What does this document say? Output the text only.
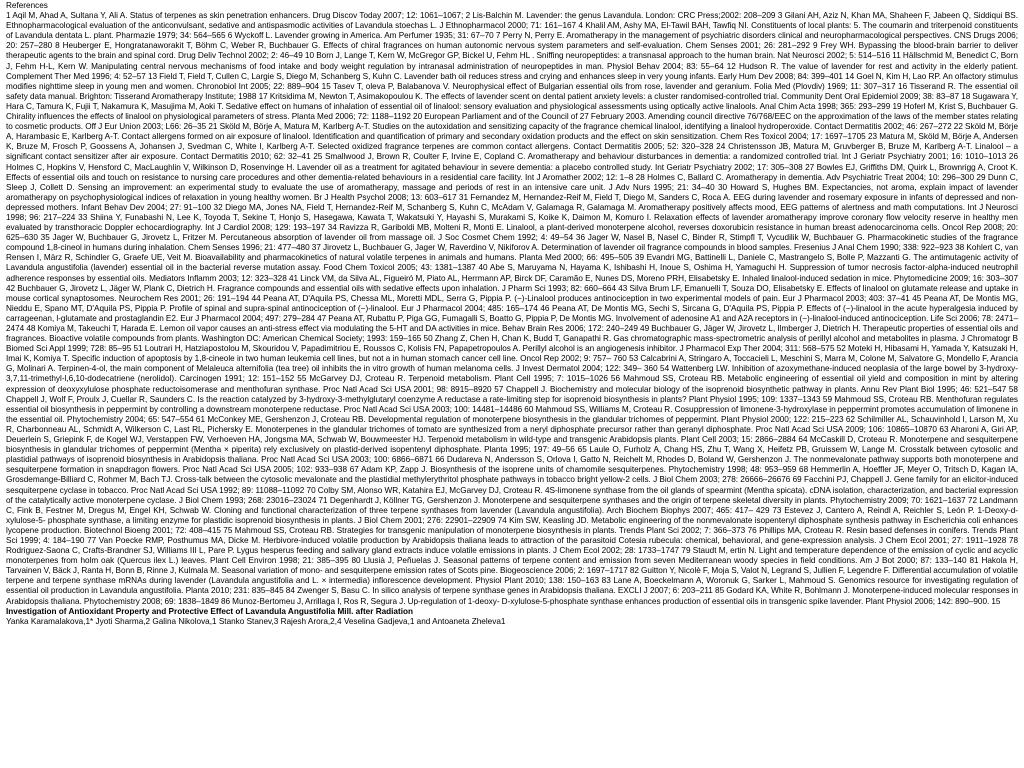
References

1 Aqil M, Ahad A, Sultana Y, Ali A. Status of terpenes as skin penetration enhancers. Drug Discov Today 2007; 12: 1061–1067; 2 Lis-Balchin M. Lavender: the genus Lavandula. London: CRC Press;2002: 208–209 3 Gilani AH, Aziz N, Khan MA, Shaheen F, Jabeen Q, Siddiqui BS. Ethnopharmacological evaluation of the anticonvulsant, sedative and antispasmodic activities of Lavandula stoechas L. J Ethnopharmacol 2000; 71: 161–167 4 Khalil AM, Ashy MA, El-Tawil BAH, Tawfiq NI. Constituents of local plants: 5. The coumarin and triterpenoid constituents of Lavandula dentata L. plant. Pharmazie 1979; 34: 564–565 6 Wyckoff L. Lavender growing in America. Am Perfumer 1935; 31: 67–70 7 Perry N, Perry E. Aromatherapy in the management of psychiatric disorders clinical and neuropharmacological perspectives. CNS Drugs 2006; 20: 257–280 8 Heuberger E, Hongratanaworakit T, Böhm C, Weber R, Buchbauer G. Effects of chiral fragrances on human autonomic nervous system parameters and self-evaluation. Chem Senses 2001; 26: 281–292 9 Frey WH. Bypassing the blood-brain barrier to deliver therapeutic agents to the brain and spinal cord. Drug Deliv Technol 2002; 2: 46–49 10 Born J, Lange T, Kern W, McGregor GP, Bickel U, Fehm HL . Sniffing neuropeptides: a transnasal approach to the human brain. Nat Neurosci 2002; 5: 514–516 11 Hällschmid M, Benedict C, Born J, Fehm H-L, Kern W. Manipulating central nervous mechanisms of food intake and body weight regulation by intranasal administration of neuropeptides in man. Physiol Behav 2004; 83: 55–64 12 Hudson R. The value of lavender for rest and activity in the elderly patient. Complement Ther Med 1996; 4: 52–57 13 Field T, Field T, Cullen C, Largie S, Diego M, Schanberg S, Kuhn C. Lavender bath oil reduces stress and crying and enhances sleep in very young infants. Early Hum Dev 2008; 84: 399–401 14 Goel N, Kim H, Lao RP. An olfactory stimulus modifies nighttime sleep in young men and women. Chronobiol Int 2005; 22: 889–904 15 Tasev T, oleva P, Balabanova V. Neurophysical effect of Bulgarian essential oils from rose, lavender and geranium. Folia Med (Plovdiv) 1969; 11: 307–317 16 Tisserand R. The essential oil safety data manual. Brighton: Tisserand Aromatherapy Institute; 1988 17 Kritsidima M, Newton T, Asimakopoulou K. The effects of lavender scent on dental patient anxiety levels: a cluster randomised-controlled trial. Community Dent Oral Epidemiol 2009; 38: 83–87 18 Sugawara Y, Hara C, Tamura K, Fujii T, Nakamura K, Masujima M, Aoki T. Sedative effect on humans of inhalation of essential oil of linalool: sensory evaluation and physiological assessments using optically active linalools. Anal Chim Acta 1998; 365: 293–299 19 Hoferl M, Krist S, Buchbauer G. Chirality influences the effects of linalool on physiological parameters of stress. Planta Med 2006; 72: 1188–1192 20 European Parliament and of the Council of 27 February 2003. Amending council directive 76/768/EEC on the approximation of the laws of the member states relating to cosmetic products. Off J Eur Union 2003; L66: 26–35 21 Sköld M, Börje A, Matura M, Karlberg A-T. Studies on the autoxidation and sensitizing capacity of the fragrance chemical linalool, identifying a linalool hydroperoxide. Contact Dermatitis 2002; 46: 267–272 22 Sköld M, Börje A, Harambasic E, Karlberg A-T. Contact allergens formed on air exposure of linalool. Identification and quantification of primary and secondary oxidation products and the effect on skin sensitization. Chem Res Toxicol 2004; 17: 1697–1705 23 Matura M, Sköld M, Börje A, Andersen K, Bruze M, Frosch P, Goossens A, Johansen J, Svedman C, White I, Karlberg A-T. Selected oxidized fragrance terpenes are common contact allergens. Contact Dermatitis 2005; 52: 320–328 24 Christensson JB, Matura M, Gruvberger B, Bruze M, Karlberg A-T. Linalool – a significant contact sensitizer after air exposure. Contact Dermatitis 2010; 62: 32–41 25 Smallwood J, Brown R, Coulter F, Irvine E, Copland C. Aromatherapy and behaviour disturbances in dementia: a randomized controlled trial. Int J Geriatr Psychiatry 2001; 16: 1010–1013 26 Holmes C, Hopkins V, Hensford C, MacLaughlin V, Wilkinson D, Rosenvinge H. Lavender oil as a treatment for agitated behaviour in severe dementia: a placebo controlled study. Int Geriatr Psychiatry 2002; 17: 305–308 27 Bowles EJ, Griffiths DM, Quirk L, Brownrigg A, Croot K. Effects of essential oils and touch on resistance to nursing care procedures and other dementia-related behaviours in a residential care facility. Int J Aromather 2002; 12: 1–8 28 Holmes C, Ballard C. Aromatherapy in dementia. Adv Psychiatric Treat 2004; 10: 296–300 29 Dunn C, Sleep J, Collett D. Sensing an improvement: an experimental study to evaluate the use of aromatherapy, massage and periods of rest in an intensive care unit. J Adv Nurs 1995; 21: 34–40 30 Howard S, Hughes BM. Expectancies, not aroma, explain impact of lavender aromatherapy on psychophysiological indices of relaxation in young healthy women. Br J Health Psychol 2008; 13: 603–617 31 Fernandez M, Hernandez-Reif M, Field T, Diego M, Sanders C, Roca A. EEG during lavender and rosemary exposure in infants of depressed and non-depressed mothers. Infant Behav Dev 2004; 27: 91–100 32 Diego MA, Jones NA, Field T, Hernandez-Reif M, Schanberg S, Kuhn C, McAdam V, Galamaga R, Galamaga M. Aromatherapy positively affects mood, EEG patterns of alertness and math computations. Int J Neurosci 1998; 96: 217–224 33 Shiina Y, Funabashi N, Lee K, Toyoda T, Sekine T, Honjo S, Hasegawa, Kawata T, Wakatsuki Y, Hayashi S, Murakami S, Koike K, Daimon M, Komuro I. Relaxation effects of lavender aromatherapy improve coronary flow velocity reserve in healthy men evaluated by transthoracic Doppler echocardiography. Int J Cardiol 2008; 129: 193–197 34 Ravizza R, Gariboldi MB, Molteni R, Monti E. Linalool, a plant-derived monoterpene alcohol, reverses doxorubicin resistance in human breast adenocarcinoma cells. Oncol Rep 2008; 20: 625–630 35 Jager W, Buchbauer G, Jirovetz L, Fritzer M. Percutaneous absorption of lavender oil from massage oil. J Soc Cosmet Chem 1992; 4: 49–54 36 Jager W, Nasel B, Nasel C, Binder R, Stimpfl T, Vycudilik W, Buchbauer G. Pharmacokinetic studies of the fragrance compound 1,8-cineol in humans during inhalation. Chem Senses 1996; 21: 477–480 37 Jirovetz L, Buchbauer G, Jager W, Raverdino V, Nikiforov A. Determination of lavender oil fragrance compounds in blood samples. Fresenius J Anal Chem 1990; 338: 922–923 38 Kohlert C, van Rensen I, März R, Schindler G, Graefe UE, Veit M. Bioavailability and pharmacokinetics of natural volatile terpenes in animals and humans. Planta Med 2000; 66: 495–505 39 Evandri MG, Battinelli L, Daniele C, Mastrangelo S, Bolle P, Mazzanti G. The antimutagenic activity of Lavandula angustifolia (lavender) essential oil in the bacterial reverse mutation assay. Food Chem Toxicol 2005; 43: 1381–1387 40 Abe S, Maruyama N, Hayama K, Ishibashi H, Inoue S, Oshima H, Yamaguchi H. Suppression of tumor necrosis factor-alpha-induced neutrophil adherence responses by essential oils. Mediators Inflamm 2003; 12: 323–328 41 Linck VM, da Silva AL, Figueiró M, Piato AL, Herrmann AP, Birck DF, Caramão E, Nunes DS, Moreno PRH, Elisabetsky E. Inhaled linalool-induced sedation in mice. Phytomedicine 2009; 16: 303–307 42 Buchbauer G, Jirovetz L, Jäger W, Plank C, Dietrich H. Fragrance compounds and essential oils with sedative effects upon inhalation. J Pharm Sci 1993; 82: 660–664 43 Silva Brum LF, Emanuelli T, Souza DO, Elisabetsky E. Effects of linalool on glutamate release and uptake in mouse cortical synaptosomes. Neurochem Res 2001; 26: 191–194 44 Peana AT, D'Aquila PS, Chessa ML, Moretti MDL, Serra G, Pippia P. (−)-Linalool produces antinociception in two experimental models of pain. Eur J Pharmacol 2003; 403: 37–41 45 Peana AT, De Montis MG, Nieddu E, Spano MT, D'Aquila PS, Pippia P. Profile of spinal and supra-spinal antinociception of (−)-linalool. Eur J Pharmacol 2004; 485: 165–174 46 Peana AT, De Montis MG, Sechi S, Sircana G, D'Aquila PS, Pippia P. Effects of (−)-linalool in the acute hyperalgesia induced by carrageenan, l-glutamate and prostaglandin E2. Eur J Pharmacol 2004; 497: 279–284 47 Peana AT, Rubattu P, Piga GG, Fumagalli S, Boatto G, Pippia P, De Montis MG. Involvement of adenosine A1 and A2A receptors in (−)-linalool-induced antinociception. Life Sci 2006; 78: 2471–2474 48 Komiya M, Takeuchi T, Harada E. Lemon oil vapor causes an anti-stress effect via modulating the 5-HT and DA activities in mice. Behav Brain Res 2006; 172: 240–249 49 Buchbauer G, Jäger W, Jirovetz L, Ilmberger J, Dietrich H. Therapeutic properties of essential oils and fragrances. Bioactive volatile compounds from plants. Washington DC: American Chemical Society; 1993: 159–165 50 Zhang Z, Chen H, Chan K, Budd T, Ganapathi R. Gas chromatographic mass-spectrometric analysis of perillyl alcohol and metabolites in plasma. J Chromatogr B Biomed Sci Appl 1999; 728: 85–95 51 Loutrari H, Hatziapostolou M, Skouridou V, Papadimitriou E, Roussos C, Kolisis FN, Papapetropoulos A. Perillyl alcohol is an angiogenesis inhibitor. J Pharmacol Exp Ther 2004; 311: 568–575 52 Moteki H, Hibasami H, Yamada Y, Katsuzaki H, Imai K, Komiya T. Specific induction of apoptosis by 1,8-cineole in two human leukemia cell lines, but not a in human stomach cancer cell line. Oncol Rep 2002; 9: 757– 760 53 Calcabrini A, Stringaro A, Toccacieli L, Meschini S, Marra M, Colone M, Salvatore G, Mondello F, Arancia G, Molinari A. Terpinen-4-ol, the main component of Melaleuca alternifolia (tea tree) oil inhibits the in vitro growth of human melanoma cells. J Invest Dermatol 2004; 122: 349– 360 54 Wattenberg LW. Inhibition of azoxymethane-induced neoplasia of the large bowel by 3-hydroxy-3,7,11-trimethyl-l,6,10-dodecatriene (nerolidol). Carcinogen 1991; 12: 151–152 55 McGarvey DJ, Croteau R. Terpenoid metabolism. Plant Cell 1995; 7: 1015–1026 56 Mahmoud SS, Croteau RB. Metabolic engineering of essential oil yield and composition in mint by altering expression of deoxyxylulose phosphate reductoisomerase and menthofuran synthase. Proc Natl Acad Sci USA 2001; 98: 8915–8920 57 Chappell J. Biochemistry and molecular biology of the isoprenoid biosynthetic pathway in plants. Annu Rev Plant Biol 1995; 46: 521–547 58 Chappell J, Wolf F, Proulx J, Cuellar R, Saunders C. Is the reaction catalyzed by 3-hydroxy-3-methylglutaryl coenzyme A reductase a rate-limiting step for isoprenoid biosynthesis in plants? Plant Physiol 1995; 109: 1337–1343 59 Mahmoud SS, Croteau RB. Menthofuran regulates essential oil biosynthesis in peppermint by controlling a downstream monoterpene reductase. Proc Natl Acad Sci USA 2003; 100: 14481–14486 60 Mahmoud SS, Williams M, Croteau R. Cosuppression of limonene-3-hydroxylase in peppermint promotes accumulation of limonene in the essential oil. Phytochemistry 2004; 65: 547–554 61 McConkey ME, Gershenzon J, Croteau RB. Developmental regulation of monoterpene biosynthesis in the glandular trichomes of peppermint. Plant Physiol 2000; 122: 215–223 62 Schilmiller AL, Schauvinhold I, Larson M, Xu R, Charbonneau AL, Schmidt A, Wilkerson C, Last RL, Pichersky E. Monoterpenes in the glandular trichomes of tomato are synthesized from a neryl diphosphate precursor rather than geranyl diphosphate. Proc Natl Acad Sci USA 2009; 106: 10865–10870 63 Aharoni A, Giri AP, Deuerlein S, Griepink F, de Kogel WJ, Verstappen FW, Verhoeven HA, Jongsma MA, Schwab W, Bouwmeester HJ. Terpenoid metabolism in wild-type and transgenic Arabidopsis plants. Plant Cell 2003; 15: 2866–2884 64 McCaskill D, Croteau R. Monoterpene and sesquiterpene biosynthesis in glandular trichomes of peppermint (Mentha × piperita) rely exclusively on plastid-derived isopentenyl diphosphate. Planta 1995; 197: 49–56 65 Laule O, Furholz A, Chang HS, Zhu T, Wang X, Heifetz PB, Gruissem W, Lange M. Crosstalk between cytosolic and plastidial pathways of isoprenoid biosynthesis in Arabidopsis thaliana. Proc Natl Acad Sci USA 2003; 100: 6866–6871 66 Dudareva N, Andersson S, Orlova I, Gatto N, Reichelt M, Rhodes D, Boland W, Gershenzon J. The nonmevalonate pathway supports both monoterpene and sesquiterpene formation in snapdragon flowers. Proc Natl Acad Sci USA 2005; 102: 933–938 67 Adam KP, Zapp J. Biosynthesis of the isoprene units of chamomile sesquiterpenes. Phytochemistry 1998; 48: 953–959 68 Hemmerlin A, Hoeffler JF, Meyer O, Tritsch D, Kagan IA, Grosdemange-Billiard C, Rohmer M, Bach TJ. Cross-talk between the cytosolic mevalonate and the plastidial methylerythritol phosphate pathways in tobacco bright yellow-2 cells. J Biol Chem 2003; 278: 26666–26676 69 Facchini PJ, Chappell J. Gene family for an elicitor-induced sesquiterpene cyclase in tobacco. Proc Natl Acad Sci USA 1992; 89: 11088–11092 70 Colby SM, Alonso WR, Katahira EJ, McGarvey DJ, Croteau R. 4S-limonene synthase from the oil glands of spearmint (Mentha spicata). cDNA isolation, characterization, and bacterial expression of the catalytically active monoterpene cyclase. J Biol Chem 1993; 268: 23016–23024 71 Degenhardt J, Köllner TG, Gershenzon J. Monoterpene and sesquiterpene synthases and the origin of terpene skeletal diversity in plants. Phytochemistry 2009; 70: 1621–1637 72 Landmann C, Fink B, Festner M, Dregus M, Engel KH, Schwab W. Cloning and functional characterization of three terpene synthases from lavender (Lavandula angustifolia). Arch Biochem Biophys 2007; 465: 417– 429 73 Estevez J, Cantero A, Reindl A, Reichler S, León P. 1-Deoxy-d-xylulose-5- phosphate synthase, a limiting enzyme for plastidic isoprenoid biosynthesis in plants. J Biol Chem 2001; 276: 22901–22909 74 Kim SW, Keasling JD. Metabolic engineering of the nonmevalonate isopentenyl diphosphate synthesis pathway in Escherichia coli enhances lycopene production. Biotechnol Bioeng 2001; 72: 408–415 75 Mahmoud SS, Croteau RB. Strategies for transgenic manipulation of monoterpene biosynthesis in plants. Trends Plant Sci 2002; 7: 366–373 76 Phillips MA, Croteau R. Resin based defenses in conifers. Trends Plant Sci 1999; 4: 184–190 77 Van Poecke RMP, Posthumus MA, Dicke M. Herbivore-induced volatile production by Arabidopsis thaliana leads to attraction of the parasitoid Cotesia rubecula: chemical, behavioral, and gene-expression analysis. J Chem Ecol 2001; 27: 1911–1928 78 Rodriguez-Saona C, Crafts-Brandner SJ, Williams III L, Pare P. Lygus hesperus feeding and salivary gland extracts induce volatile emissions in plants. J Chem Ecol 2002; 28: 1733–1747 79 Staudt M, ertin N. Light and temperature dependence of the emission of cyclic and acyclic monoterpenes from holm oak (Quercus ilex L.) leaves. Plant Cell Environ 1998; 21: 385–395 80 Llusià J, Peñuelas J. Seasonal patterns of terpene content and emission from seven Mediterranean woody species in field conditions. Am J Bot 2000; 87: 133–140 81 Hakola H, Tarvainen V, Bäck J, Ranta H, Bonn B, Rinne J, Kulmala M. Seasonal variation of mono- and sesquiterpene emission rates of Scots pine. Biogeoscience 2006; 2: 1697–1717 82 Guitton Y, Nicolè F, Moja S, Valot N, Legrand S, Jullien F, Legendre F. Differential accumulation of volatile terpene and terpene synthase mRNAs during lavender (Lavandula angustifolia and L. × intermedia) inflorescence development. Physiol Plant 2010; 138: 150–163 83 Lane A, Boeckelmann A, Woronuk G, Sarker L, Mahmoud S. Genomics resource for investigating regulation of essential oil production in Lavandula angustifolia. Planta 2010; 231: 835–845 84 Zwenger S, Basu C. In silico analysis of terpene synthase genes in Arabidopsis thaliana. EXCLI J 2007; 6: 203–211 85 Godard KA, White R, Bohlmann J. Monoterpene-induced molecular responses in Arabidopsis thaliana. Phytochemistry 2008; 69: 1838–1849 86 Munoz-Bertomeu J, Arrillaga I, Ros R, Segura J. Up-regulation of 1-deoxy- D-xylulose-5-phosphate synthase enhances production of essential oils in transgenic spike lavender. Plant Physiol 2006; 142: 890–900. 15

Investigation of Antioxidant Property and Protective Effect of Lavandula Angustifolia Mill. after Radiation

Yanka Karamalakova,1* Jyoti Sharma,2 Galina Nikolova,1 Stanko Stanev,3 Rajesh Arora,2,4 Veselina Gadjeva,1 and Antoaneta Zheleva1
